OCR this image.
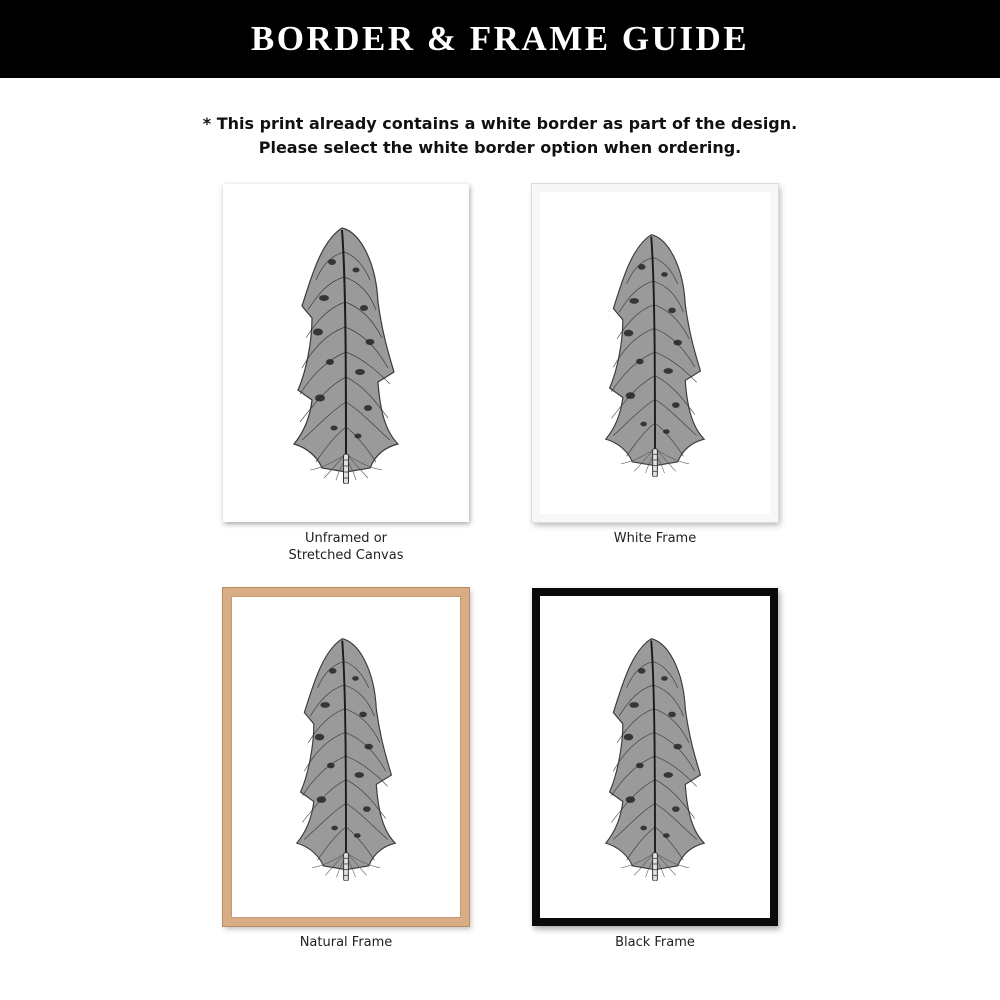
BORDER & FRAME GUIDE
* This print already contains a white border as part of the design.
Please select the white border option when ordering.
Unframed or
Stretched Canvas
White Frame
Natural Frame	Black Frame
